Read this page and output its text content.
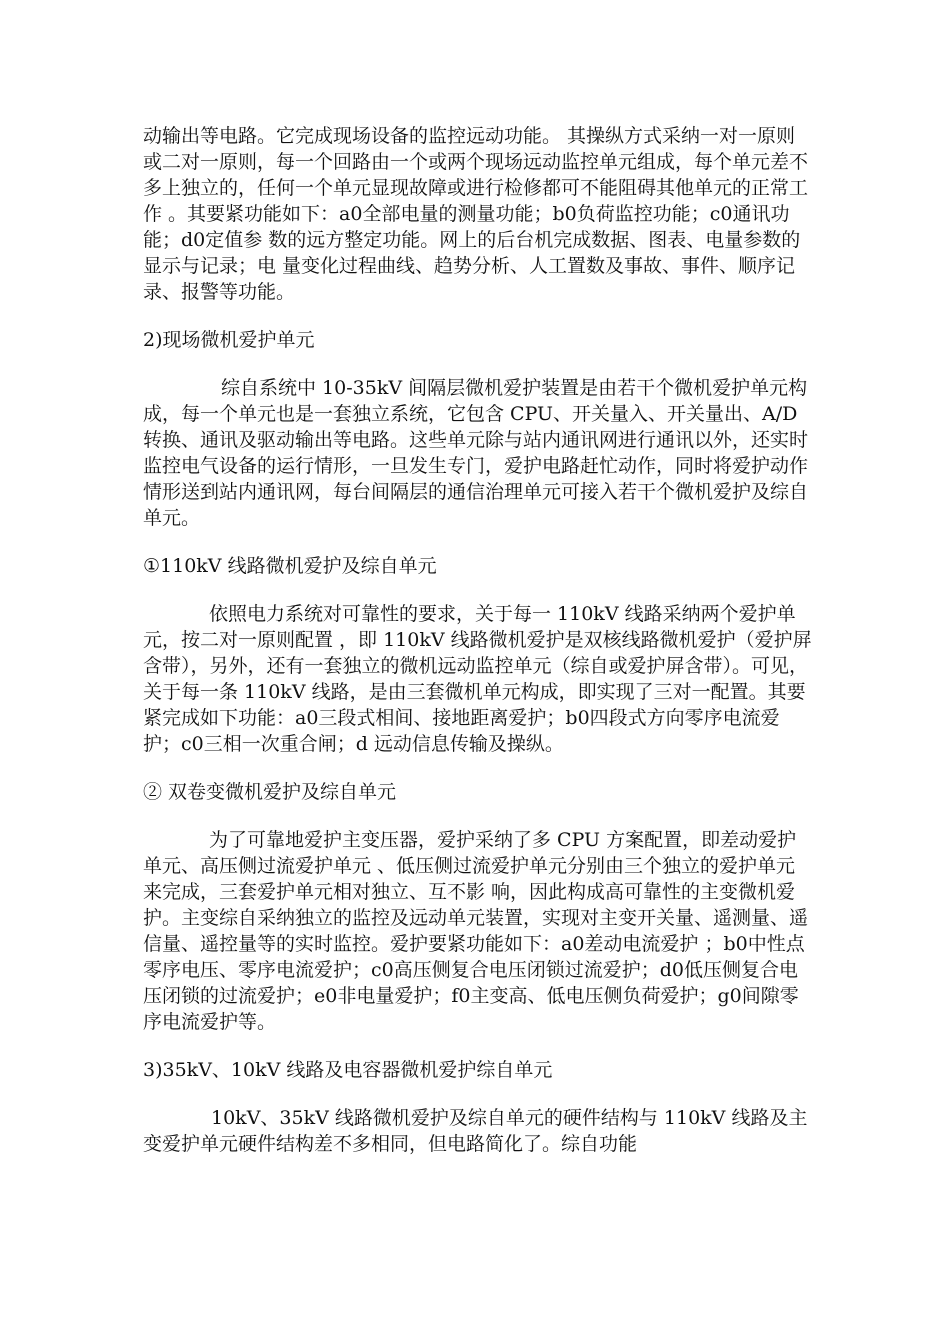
动输出等电路。它完成现场设备的监控远动功能。 其操纵方式采纳一对一原则或二对一原则，每一个回路由一个或两个现场远动监控单元组成，每个单元差不多上独立的，任何一个单元显现故障或进行检修都可不能阻碍其他单元的正常工作 。其要紧功能如下：a0全部电量的测量功能；b0负荷监控功能；c0通讯功能；d0定值参 数的远方整定功能。网上的后台机完成数据、图表、电量参数的显示与记录；电 量变化过程曲线、趋势分析、人工置数及事故、事件、顺序记录、报警等功能。

2)现场微机爱护单元

综自系统中 10-35kV 间隔层微机爱护装置是由若干个微机爱护单元构成，每一个单元也是一套独立系统，它包含 CPU、开关量入、开关量出、A/D 转换、通讯及驱动输出等电路。这些单元除与站内通讯网进行通讯以外，还实时监控电气设备的运行情形，一旦发生专门，爱护电路赶忙动作，同时将爱护动作情形送到站内通讯网，每台间隔层的通信治理单元可接入若干个微机爱护及综自单元。

①110kV 线路微机爱护及综自单元

依照电力系统对可靠性的要求，关于每一 110kV 线路采纳两个爱护单元，按二对一原则配置 ，即 110kV 线路微机爱护是双核线路微机爱护（爱护屏含带），另外，还有一套独立的微机远动监控单元（综自或爱护屏含带）。可见，关于每一条 110kV 线路，是由三套微机单元构成，即实现了三对一配置。其要紧完成如下功能：a0三段式相间、接地距离爱护；b0四段式方向零序电流爱护；c0三相一次重合闸；d 远动信息传输及操纵。

② 双卷变微机爱护及综自单元

为了可靠地爱护主变压器，爱护采纳了多 CPU 方案配置，即差动爱护单元、高压侧过流爱护单元 、低压侧过流爱护单元分别由三个独立的爱护单元来完成，三套爱护单元相对独立、互不影 响，因此构成高可靠性的主变微机爱护。主变综自采纳独立的监控及远动单元装置，实现对主变开关量、遥测量、遥信量、遥控量等的实时监控。爱护要紧功能如下：a0差动电流爱护 ；b0中性点零序电压、零序电流爱护；c0高压侧复合电压闭锁过流爱护；d0低压侧复合电压闭锁的过流爱护；e0非电量爱护；f0主变高、低电压侧负荷爱护；g0间隙零序电流爱护等。

3)35kV、10kV 线路及电容器微机爱护综自单元

10kV、35kV 线路微机爱护及综自单元的硬件结构与 110kV 线路及主变爱护单元硬件结构差不多相同，但电路简化了。综自功能
